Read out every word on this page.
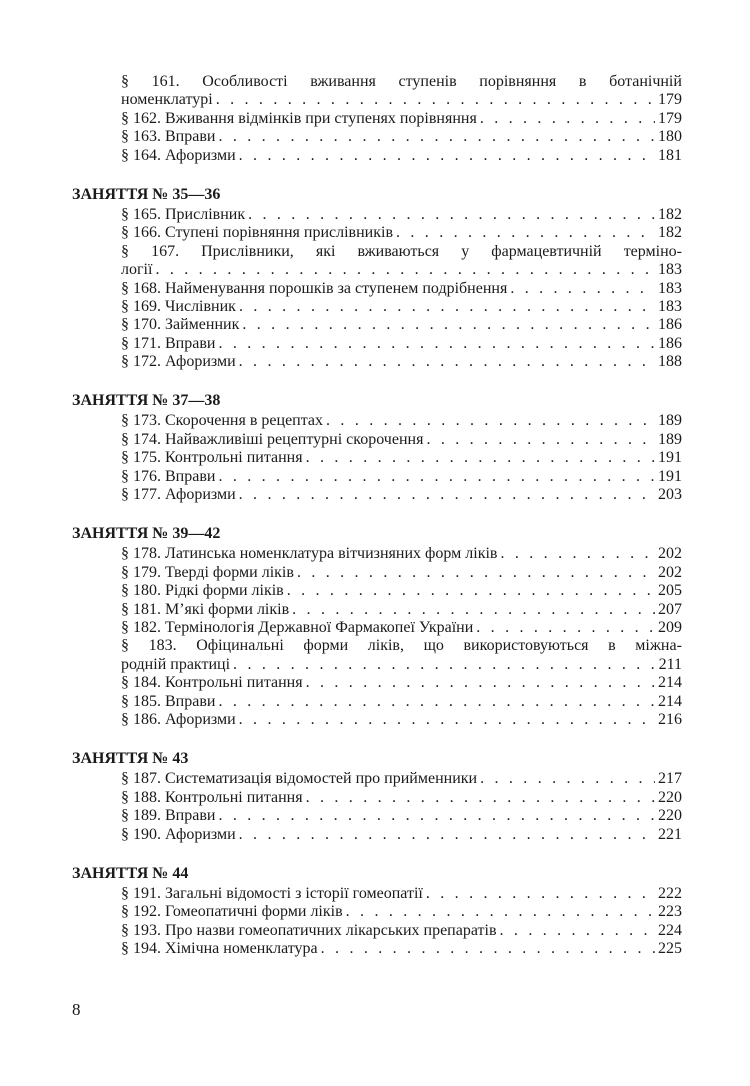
§ 161. Особливості вживання ступенів порівняння в ботанічній
номенклатурі . . .	179
§ 162. Вживання відмінків при ступенях порівняння . . .	179
§ 163. Вправи . . .	180
§ 164. Афоризми . . .	181
ЗАНЯТТЯ № 35—36
§ 165. Прислівник . . .	182
§ 166. Ступені порівняння прислівників . . .	182
§ 167. Прислівники, які вживаються у фармацевтичній терміно-
логії . . .	183
§ 168. Найменування порошків за ступенем подрібнення . . .	183
§ 169. Числівник . . .	183
§ 170. Займенник . . .	186
§ 171. Вправи . . .	186
§ 172. Афоризми . . .	188
ЗАНЯТТЯ № 37—38
§ 173. Скорочення в рецептах . . .	189
§ 174. Найважливіші рецептурні скорочення . . .	189
§ 175. Контрольні питання . . .	191
§ 176. Вправи . . .	191
§ 177. Афоризми . . .	203
ЗАНЯТТЯ № 39—42
§ 178. Латинська номенклатура вітчизняних форм ліків . . .	202
§ 179. Тверді форми ліків . . .	202
§ 180. Рідкі форми ліків . . .	205
§ 181. М’які форми ліків . . .	207
§ 182. Термінологія Державної Фармакопеї України . . .	209
§ 183. Офіцинальні форми ліків, що використовуються в міжна-
родній практиці . . .	211
§ 184. Контрольні питання . . .	214
§ 185. Вправи . . .	214
§ 186. Афоризми . . .	216
ЗАНЯТТЯ № 43
§ 187. Систематизація відомостей про прийменники . . .	217
§ 188. Контрольні питання . . .	220
§ 189. Вправи . . .	220
§ 190. Афоризми . . .	221
ЗАНЯТТЯ № 44
§ 191. Загальні відомості з історії гомеопатії . . .	222
§ 192. Гомеопатичні форми ліків . . .	223
§ 193. Про назви гомеопатичних лікарських препаратів . . .	224
§ 194. Хімічна номенклатура . . .	225
8
